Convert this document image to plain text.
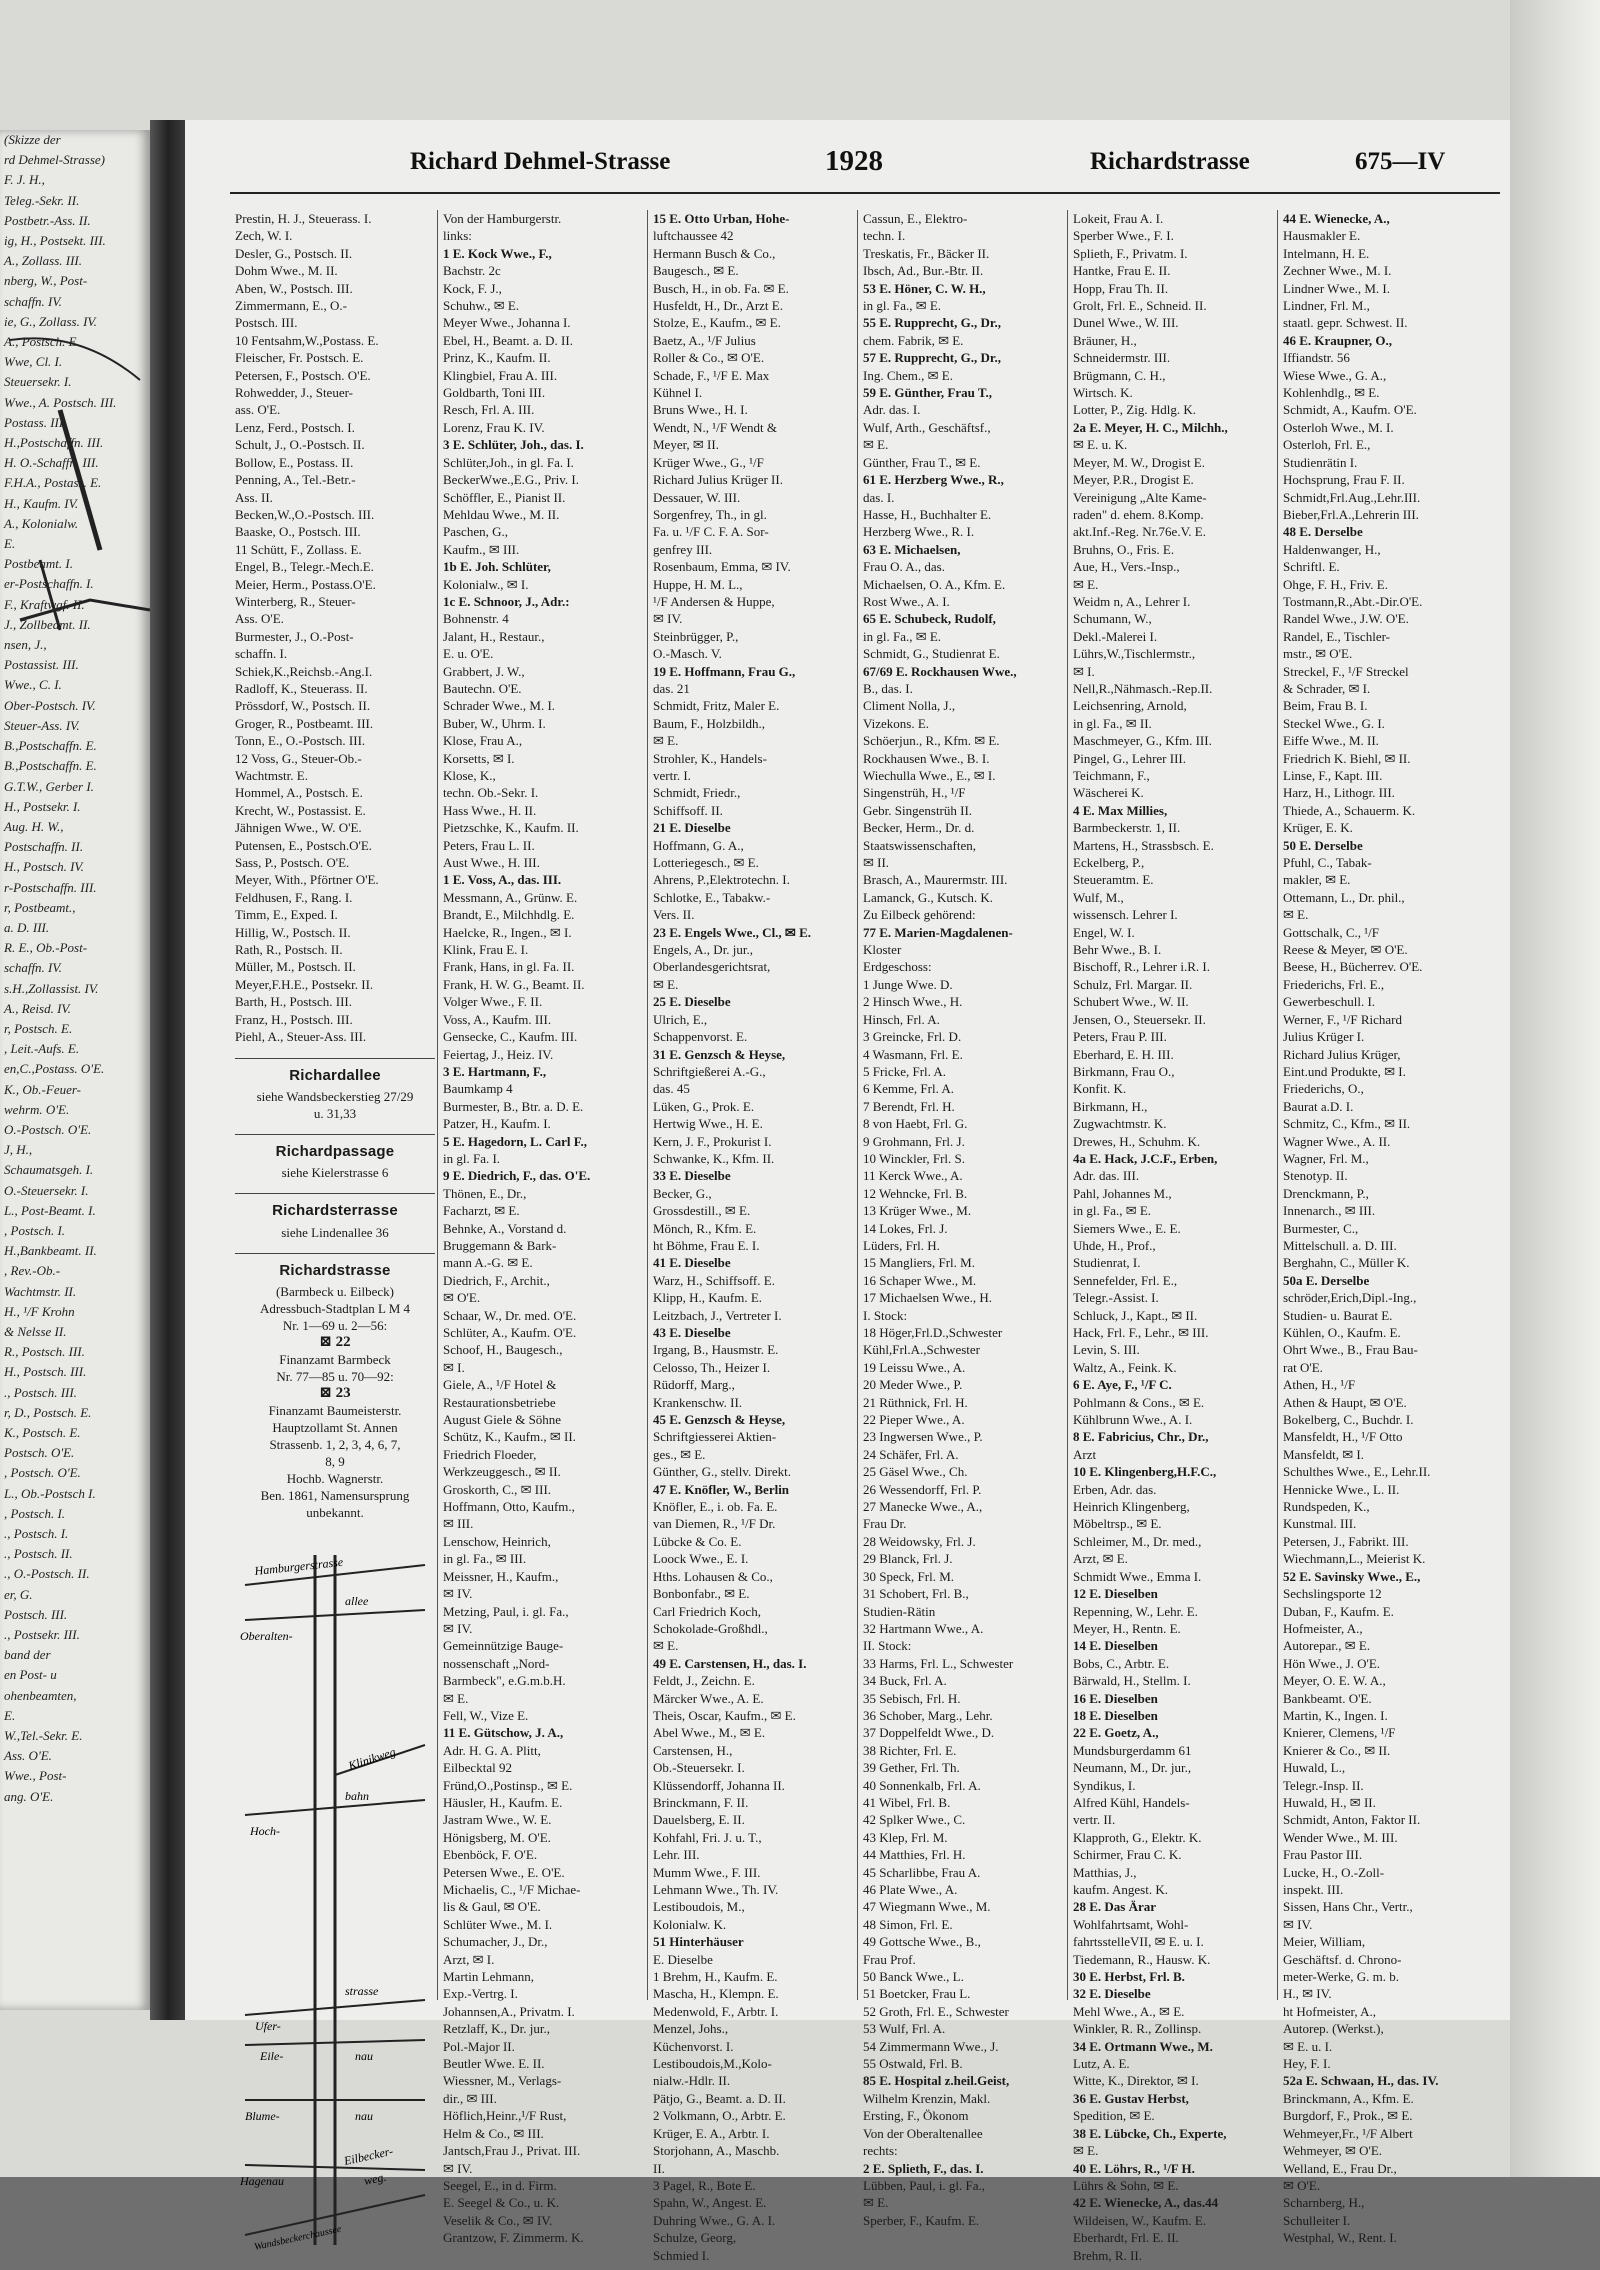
(Skizze der
rd Dehmel-Strasse)
F. J. H.,
Teleg.-Sekr. II.
Postbetr.-Ass. II.
ig, H., Postsekt. III.
A., Zollass. III.
nberg, W., Post-
schaffn. IV.
ie, G., Zollass. IV.
A., Postsch. E.
Wwe, Cl. I.
Steuersekr. I.
Wwe., A. Postsch. III.
Postass. III.
H.,Postschaffn. III.
H. O.-Schaffn. III.
F.H.A., Postass. E.
H., Kaufm. IV.
A., Kolonialw.
E.
Postbeamt. I.
er-Postschaffn. I.
F., Kraftwgf. II.
J., Zollbeamt. II.
nsen, J.,
Postassist. III.
Wwe., C. I.
Ober-Postsch. IV.
Steuer-Ass. IV.
B.,Postschaffn. E.
B.,Postschaffn. E.
G.T.W., Gerber I.
H., Postsekr. I.
Aug. H. W.,
Postschaffn. II.
H., Postsch. IV.
r-Postschaffn. III.
r, Postbeamt.,
a. D. III.
R. E., Ob.-Post-
schaffn. IV.
s.H.,Zollassist. IV.
A., Reisd. IV.
r, Postsch. E.
, Leit.-Aufs. E.
en,C.,Postass. O'E.
K., Ob.-Feuer-
wehrm. O'E.
O.-Postsch. O'E.
J, H.,
Schaumatsgeh. I.
O.-Steuersekr. I.
L., Post-Beamt. I.
, Postsch. I.
H.,Bankbeamt. II.
, Rev.-Ob.-
Wachtmstr. II.
H., ¹/F Krohn
& Nelsse II.
R., Postsch. III.
H., Postsch. III.
., Postsch. III.
r, D., Postsch. E.
K., Postsch. E.
Postsch. O'E.
, Postsch. O'E.
L., Ob.-Postsch I.
, Postsch. I.
., Postsch. I.
., Postsch. II.
., O.-Postsch. II.
er, G.
Postsch. III.
., Postsekr. III.
band der
en Post- u
ohenbeamten,
E.
W.,Tel.-Sekr. E.
Ass. O'E.
Wwe., Post-
ang. O'E.
Richard Dehmel-Strasse	1928	Richardstrasse	675—IV
Prestin, H. J., Steuerass. I.
Zech, W. I.
Desler, G., Postsch. II.
Dohm Wwe., M. II.
Aben, W., Postsch. III.
Zimmermann, E., O.-
Postsch. III.
10 Fentsahm,W.,Postass. E.
Fleischer, Fr. Postsch. E.
Petersen, F., Postsch. O'E.
Rohwedder, J., Steuer-
ass. O'E.
Lenz, Ferd., Postsch. I.
Schult, J., O.-Postsch. II.
Bollow, E., Postass. II.
Penning, A., Tel.-Betr.-
Ass. II.
Becken,W.,O.-Postsch. III.
Baaske, O., Postsch. III.
11 Schütt, F., Zollass. E.
Engel, B., Telegr.-Mech.E.
Meier, Herm., Postass.O'E.
Winterberg, R., Steuer-
Ass. O'E.
Burmester, J., O.-Post-
schaffn. I.
Schiek,K.,Reichsb.-Ang.I.
Radloff, K., Steuerass. II.
Prössdorf, W., Postsch. II.
Groger, R., Postbeamt. III.
Tonn, E., O.-Postsch. III.
12 Voss, G., Steuer-Ob.-
Wachtmstr. E.
Hommel, A., Postsch. E.
Krecht, W., Postassist. E.
Jähnigen Wwe., W. O'E.
Putensen, E., Postsch.O'E.
Sass, P., Postsch. O'E.
Meyer, With., Pförtner O'E.
Feldhusen, F., Rang. I.
Timm, E., Exped. I.
Hillig, W., Postsch. II.
Rath, R., Postsch. II.
Müller, M., Postsch. II.
Meyer,F.H.E., Postsekr. II.
Barth, H., Postsch. III.
Franz, H., Postsch. III.
Piehl, A., Steuer-Ass. III.
Richardallee
siehe Wandsbeckerstieg 27/29
u. 31,33
Richardpassage
siehe Kielerstrasse 6
Richardsterrasse
siehe Lindenallee 36
Richardstrasse
(Barmbeck u. Eilbeck)
Adressbuch-Stadtplan L M 4
Nr. 1—69 u. 2—56:
⊠ 22
Finanzamt Barmbeck
Nr. 77—85 u. 70—92:
⊠ 23
Finanzamt Baumeisterstr.
Hauptzollamt St. Annen
Strassenb. 1, 2, 3, 4, 6, 7,
8, 9
Hochb. Wagnerstr.
Ben. 1861, Namensursprung
unbekannt.
Hamburgerstrasse
Oberalten-
allee
Hoch-
bahn
Klinikweg
Ufer-
strasse
Eile-	nau
Blume-	nau
Hagenau
Eilbecker-
weg.
Wandsbeckerchaussee
Von der Hamburgerstr.
links:
1 E. Kock Wwe., F.,
Bachstr. 2c
Kock, F. J.,
Schuhw., ✉ E.
Meyer Wwe., Johanna I.
Ebel, H., Beamt. a. D. II.
Prinz, K., Kaufm. II.
Klingbiel, Frau A. III.
Goldbarth, Toni III.
Resch, Frl. A. III.
Lorenz, Frau K. IV.
3 E. Schlüter, Joh., das. I.
Schlüter,Joh., in gl. Fa. I.
BeckerWwe.,E.G., Priv. I.
Schöffler, E., Pianist II.
Mehldau Wwe., M. II.
Paschen, G.,
Kaufm., ✉ III.
1b E. Joh. Schlüter,
Kolonialw., ✉ I.
1c E. Schnoor, J., Adr.:
Bohnenstr. 4
Jalant, H., Restaur.,
E. u. O'E.
Grabbert, J. W.,
Bautechn. O'E.
Schrader Wwe., M. I.
Buber, W., Uhrm. I.
Klose, Frau A.,
Korsetts, ✉ I.
Klose, K.,
techn. Ob.-Sekr. I.
Hass Wwe., H. II.
Pietzschke, K., Kaufm. II.
Peters, Frau L. II.
Aust Wwe., H. III.
1 E. Voss, A., das. III.
Messmann, A., Grünw. E.
Brandt, E., Milchhdlg. E.
Haelcke, R., Ingen., ✉ I.
Klink, Frau E. I.
Frank, Hans, in gl. Fa. II.
Frank, H. W. G., Beamt. II.
Volger Wwe., F. II.
Voss, A., Kaufm. III.
Gensecke, C., Kaufm. III.
Feiertag, J., Heiz. IV.
3 E. Hartmann, F.,
Baumkamp 4
Burmester, B., Btr. a. D. E.
Patzer, H., Kaufm. I.
5 E. Hagedorn, L. Carl F.,
in gl. Fa. I.
9 E. Diedrich, F., das. O'E.
Thönen, E., Dr.,
Facharzt, ✉ E.
Behnke, A., Vorstand d.
Bruggemann & Bark-
mann A.-G. ✉ E.
Diedrich, F., Archit.,
✉ O'E.
Schaar, W., Dr. med. O'E.
Schlüter, A., Kaufm. O'E.
Schoof, H., Baugesch.,
✉ I.
Giele, A., ¹/F Hotel &
Restaurationsbetriebe
August Giele & Söhne
Schütz, K., Kaufm., ✉ II.
Friedrich Floeder,
Werkzeuggesch., ✉ II.
Groskorth, C., ✉ III.
Hoffmann, Otto, Kaufm.,
✉ III.
Lenschow, Heinrich,
in gl. Fa., ✉ III.
Meissner, H., Kaufm.,
✉ IV.
Metzing, Paul, i. gl. Fa.,
✉ IV.
Gemeinnützige Bauge-
nossenschaft „Nord-
Barmbeck", e.G.m.b.H.
✉ E.
Fell, W., Vize E.
11 E. Gütschow, J. A.,
Adr. H. G. A. Plitt,
Eilbecktal 92
Fründ,O.,Postinsp., ✉ E.
Häusler, H., Kaufm. E.
Jastram Wwe., W. E.
Hönigsberg, M. O'E.
Ebenböck, F. O'E.
Petersen Wwe., E. O'E.
Michaelis, C., ¹/F Michae-
lis & Gaul, ✉ O'E.
Schlüter Wwe., M. I.
Schumacher, J., Dr.,
Arzt, ✉ I.
Martin Lehmann,
Exp.-Vertrg. I.
Johannsen,A., Privatm. I.
Retzlaff, K., Dr. jur.,
Pol.-Major II.
Beutler Wwe. E. II.
Wiessner, M., Verlags-
dir., ✉ III.
Höflich,Heinr.,¹/F Rust,
Helm & Co., ✉ III.
Jantsch,Frau J., Privat. III.
✉ IV.
Seegel, E., in d. Firm.
E. Seegel & Co., u. K.
Veselik & Co., ✉ IV.
Grantzow, F. Zimmerm. K.
15 E. Otto Urban, Hohe-
luftchaussee 42
Hermann Busch & Co.,
Baugesch., ✉ E.
Busch, H., in ob. Fa. ✉ E.
Husfeldt, H., Dr., Arzt E.
Stolze, E., Kaufm., ✉ E.
Baetz, A., ¹/F Julius
Roller & Co., ✉ O'E.
Schade, F., ¹/F E. Max
Kühnel I.
Bruns Wwe., H. I.
Wendt, N., ¹/F Wendt &
Meyer, ✉ II.
Krüger Wwe., G., ¹/F
Richard Julius Krüger II.
Dessauer, W. III.
Sorgenfrey, Th., in gl.
Fa. u. ¹/F C. F. A. Sor-
genfrey III.
Rosenbaum, Emma, ✉ IV.
Huppe, H. M. L.,
¹/F Andersen & Huppe,
✉ IV.
Steinbrügger, P.,
O.-Masch. V.
19 E. Hoffmann, Frau G.,
das. 21
Schmidt, Fritz, Maler E.
Baum, F., Holzbildh.,
✉ E.
Strohler, K., Handels-
vertr. I.
Schmidt, Friedr.,
Schiffsoff. II.
21 E. Dieselbe
Hoffmann, G. A.,
Lotteriegesch., ✉ E.
Ahrens, P.,Elektrotechn. I.
Schlotke, E., Tabakw.-
Vers. II.
23 E. Engels Wwe., Cl., ✉ E.
Engels, A., Dr. jur.,
Oberlandesgerichtsrat,
✉ E.
25 E. Dieselbe
Ulrich, E.,
Schappenvorst. E.
31 E. Genzsch & Heyse,
Schriftgießerei A.-G.,
das. 45
Lüken, G., Prok. E.
Hertwig Wwe., H. E.
Kern, J. F., Prokurist I.
Schwanke, K., Kfm. II.
33 E. Dieselbe
Becker, G.,
Grossdestill., ✉ E.
Mönch, R., Kfm. E.
ht Böhme, Frau E. I.
41 E. Dieselbe
Warz, H., Schiffsoff. E.
Klipp, H., Kaufm. E.
Leitzbach, J., Vertreter I.
43 E. Dieselbe
Irgang, B., Hausmstr. E.
Celosso, Th., Heizer I.
Rüdorff, Marg.,
Krankenschw. II.
45 E. Genzsch & Heyse,
Schriftgiesserei Aktien-
ges., ✉ E.
Günther, G., stellv. Direkt.
47 E. Knöfler, W., Berlin
Knöfler, E., i. ob. Fa. E.
van Diemen, R., ¹/F Dr.
Lübcke & Co. E.
Loock Wwe., E. I.
Hths. Lohausen & Co.,
Bonbonfabr., ✉ E.
Carl Friedrich Koch,
Schokolade-Großhdl.,
✉ E.
49 E. Carstensen, H., das. I.
Feldt, J., Zeichn. E.
Märcker Wwe., A. E.
Theis, Oscar, Kaufm., ✉ E.
Abel Wwe., M., ✉ E.
Carstensen, H.,
Ob.-Steuersekr. I.
Klüssendorff, Johanna II.
Brinckmann, F. II.
Dauelsberg, E. II.
Kohfahl, Fri. J. u. T.,
Lehr. III.
Mumm Wwe., F. III.
Lehmann Wwe., Th. IV.
Lestiboudois, M.,
Kolonialw. K.
51 Hinterhäuser
E. Dieselbe
1 Brehm, H., Kaufm. E.
Mascha, H., Klempn. E.
Medenwold, F., Arbtr. I.
Menzel, Johs.,
Küchenvorst. I.
Lestiboudois,M.,Kolo-
nialw.-Hdlr. II.
Pätjo, G., Beamt. a. D. II.
2 Volkmann, O., Arbtr. E.
Krüger, E. A., Arbtr. I.
Storjohann, A., Maschb.
II.
3 Pagel, R., Bote E.
Spahn, W., Angest. E.
Duhring Wwe., G. A. I.
Schulze, Georg,
Schmied I.
Cassun, E., Elektro-
techn. I.
Treskatis, Fr., Bäcker II.
Ibsch, Ad., Bur.-Btr. II.
53 E. Höner, C. W. H.,
in gl. Fa., ✉ E.
55 E. Rupprecht, G., Dr.,
chem. Fabrik, ✉ E.
57 E. Rupprecht, G., Dr.,
Ing. Chem., ✉ E.
59 E. Günther, Frau T.,
Adr. das. I.
Wulf, Arth., Geschäftsf.,
✉ E.
Günther, Frau T., ✉ E.
61 E. Herzberg Wwe., R.,
das. I.
Hasse, H., Buchhalter E.
Herzberg Wwe., R. I.
63 E. Michaelsen,
Frau O. A., das.
Michaelsen, O. A., Kfm. E.
Rost Wwe., A. I.
65 E. Schubeck, Rudolf,
in gl. Fa., ✉ E.
Schmidt, G., Studienrat E.
67/69 E. Rockhausen Wwe.,
B., das. I.
Climent Nolla, J.,
Vizekons. E.
Schöerjun., R., Kfm. ✉ E.
Rockhausen Wwe., B. I.
Wiechulla Wwe., E., ✉ I.
Singenstrüh, H., ¹/F
Gebr. Singenstrüh II.
Becker, Herm., Dr. d.
Staatswissenschaften,
✉ II.
Brasch, A., Maurermstr. III.
Lamanck, G., Kutsch. K.
Zu Eilbeck gehörend:
77 E. Marien-Magdalenen-
Kloster
Erdgeschoss:
1 Junge Wwe. D.
2 Hinsch Wwe., H.
Hinsch, Frl. A.
3 Greincke, Frl. D.
4 Wasmann, Frl. E.
5 Fricke, Frl. A.
6 Kemme, Frl. A.
7 Berendt, Frl. H.
8 von Haebt, Frl. G.
9 Grohmann, Frl. J.
10 Winckler, Frl. S.
11 Kerck Wwe., A.
12 Wehncke, Frl. B.
13 Krüger Wwe., M.
14 Lokes, Frl. J.
Lüders, Frl. H.
15 Mangliers, Frl. M.
16 Schaper Wwe., M.
17 Michaelsen Wwe., H.
I. Stock:
18 Höger,Frl.D.,Schwester
Kühl,Frl.A.,Schwester
19 Leissu Wwe., A.
20 Meder Wwe., P.
21 Rüthnick, Frl. H.
22 Pieper Wwe., A.
23 Ingwersen Wwe., P.
24 Schäfer, Frl. A.
25 Gäsel Wwe., Ch.
26 Wessendorff, Frl. P.
27 Manecke Wwe., A.,
Frau Dr.
28 Weidowsky, Frl. J.
29 Blanck, Frl. J.
30 Speck, Frl. M.
31 Schobert, Frl. B.,
Studien-Rätin
32 Hartmann Wwe., A.
II. Stock:
33 Harms, Frl. L., Schwester
34 Buck, Frl. A.
35 Sebisch, Frl. H.
36 Schober, Marg., Lehr.
37 Doppelfeldt Wwe., D.
38 Richter, Frl. E.
39 Gether, Frl. Th.
40 Sonnenkalb, Frl. A.
41 Wibel, Frl. B.
42 Splker Wwe., C.
43 Klep, Frl. M.
44 Matthies, Frl. H.
45 Scharlibbe, Frau A.
46 Plate Wwe., A.
47 Wiegmann Wwe., M.
48 Simon, Frl. E.
49 Gottsche Wwe., B.,
Frau Prof.
50 Banck Wwe., L.
51 Boetcker, Frau L.
52 Groth, Frl. E., Schwester
53 Wulf, Frl. A.
54 Zimmermann Wwe., J.
55 Ostwald, Frl. B.
85 E. Hospital z.heil.Geist,
Wilhelm Krenzin, Makl.
Ersting, F., Ökonom
Von der Oberaltenallee
rechts:
2 E. Splieth, F., das. I.
Lübben, Paul, i. gl. Fa.,
✉ E.
Sperber, F., Kaufm. E.
Lokeit, Frau A. I.
Sperber Wwe., F. I.
Splieth, F., Privatm. I.
Hantke, Frau E. II.
Hopp, Frau Th. II.
Grolt, Frl. E., Schneid. II.
Dunel Wwe., W. III.
Bräuner, H.,
Schneidermstr. III.
Brügmann, C. H.,
Wirtsch. K.
Lotter, P., Zig. Hdlg. K.
2a E. Meyer, H. C., Milchh.,
✉ E. u. K.
Meyer, M. W., Drogist E.
Meyer, P.R., Drogist E.
Vereinigung „Alte Kame-
raden" d. ehem. 8.Komp.
akt.Inf.-Reg. Nr.76e.V. E.
Bruhns, O., Fris. E.
Aue, H., Vers.-Insp.,
✉ E.
Weidm n, A., Lehrer I.
Schumann, W.,
Dekl.-Malerei I.
Lührs,W.,Tischlermstr.,
✉ I.
Nell,R.,Nähmasch.-Rep.II.
Leichsenring, Arnold,
in gl. Fa., ✉ II.
Maschmeyer, G., Kfm. III.
Pingel, G., Lehrer III.
Teichmann, F.,
Wäscherei K.
4 E. Max Millies,
Barmbeckerstr. 1, II.
Martens, H., Strassbsch. E.
Eckelberg, P.,
Steueramtm. E.
Wulf, M.,
wissensch. Lehrer I.
Engel, W. I.
Behr Wwe., B. I.
Bischoff, R., Lehrer i.R. I.
Schulz, Frl. Margar. II.
Schubert Wwe., W. II.
Jensen, O., Steuersekr. II.
Peters, Frau P. III.
Eberhard, E. H. III.
Birkmann, Frau O.,
Konfit. K.
Birkmann, H.,
Zugwachtmstr. K.
Drewes, H., Schuhm. K.
4a E. Hack, J.C.F., Erben,
Adr. das. III.
Pahl, Johannes M.,
in gl. Fa., ✉ E.
Siemers Wwe., E. E.
Uhde, H., Prof.,
Studienrat, I.
Sennefelder, Frl. E.,
Telegr.-Assist. I.
Schluck, J., Kapt., ✉ II.
Hack, Frl. F., Lehr., ✉ III.
Levin, S. III.
Waltz, A., Feink. K.
6 E. Aye, F., ¹/F C.
Pohlmann & Cons., ✉ E.
Kühlbrunn Wwe., A. I.
8 E. Fabricius, Chr., Dr.,
Arzt
10 E. Klingenberg,H.F.C.,
Erben, Adr. das.
Heinrich Klingenberg,
Möbeltrsp., ✉ E.
Schleimer, M., Dr. med.,
Arzt, ✉ E.
Schmidt Wwe., Emma I.
12 E. Dieselben
Repenning, W., Lehr. E.
Meyer, H., Rentn. E.
14 E. Dieselben
Bobs, C., Arbtr. E.
Bärwald, H., Stellm. I.
16 E. Dieselben
18 E. Dieselben
22 E. Goetz, A.,
Mundsburgerdamm 61
Neumann, M., Dr. jur.,
Syndikus, I.
Alfred Kühl, Handels-
vertr. II.
Klapproth, G., Elektr. K.
Schirmer, Frau C. K.
Matthias, J.,
kaufm. Angest. K.
28 E. Das Ärar
Wohlfahrtsamt, Wohl-
fahrtsstelleVII, ✉ E. u. I.
Tiedemann, R., Hausw. K.
30 E. Herbst, Frl. B.
32 E. Dieselbe
Mehl Wwe., A., ✉ E.
Winkler, R. R., Zollinsp.
34 E. Ortmann Wwe., M.
Lutz, A. E.
Witte, K., Direktor, ✉ I.
36 E. Gustav Herbst,
Spedition, ✉ E.
38 E. Lübcke, Ch., Experte,
✉ E.
40 E. Löhrs, R., ¹/F H.
Lührs & Sohn, ✉ E.
42 E. Wienecke, A., das.44
Wildeisen, W., Kaufm. E.
Eberhardt, Frl. E. II.
Brehm, R. II.
44 E. Wienecke, A.,
Hausmakler E.
Intelmann, H. E.
Zechner Wwe., M. I.
Lindner Wwe., M. I.
Lindner, Frl. M.,
staatl. gepr. Schwest. II.
46 E. Kraupner, O.,
Iffiandstr. 56
Wiese Wwe., G. A.,
Kohlenhdlg., ✉ E.
Schmidt, A., Kaufm. O'E.
Osterloh Wwe., M. I.
Osterloh, Frl. E.,
Studienrätin I.
Hochsprung, Frau F. II.
Schmidt,Frl.Aug.,Lehr.III.
Bieber,Frl.A.,Lehrerin III.
48 E. Derselbe
Haldenwanger, H.,
Schriftl. E.
Ohge, F. H., Friv. E.
Tostmann,R.,Abt.-Dir.O'E.
Randel Wwe., J.W. O'E.
Randel, E., Tischler-
mstr., ✉ O'E.
Streckel, F., ¹/F Streckel
& Schrader, ✉ I.
Beim, Frau B. I.
Steckel Wwe., G. I.
Eiffe Wwe., M. II.
Friedrich K. Biehl, ✉ II.
Linse, F., Kapt. III.
Harz, H., Lithogr. III.
Thiede, A., Schauerm. K.
Krüger, E. K.
50 E. Derselbe
Pfuhl, C., Tabak-
makler, ✉ E.
Ottemann, L., Dr. phil.,
✉ E.
Gottschalk, C., ¹/F
Reese & Meyer, ✉ O'E.
Beese, H., Bücherrev. O'E.
Friederichs, Frl. E.,
Gewerbeschull. I.
Werner, F., ¹/F Richard
Julius Krüger I.
Richard Julius Krüger,
Eint.und Produkte, ✉ I.
Friederichs, O.,
Baurat a.D. I.
Schmitz, C., Kfm., ✉ II.
Wagner Wwe., A. II.
Wagner, Frl. M.,
Stenotyp. II.
Drenckmann, P.,
Innenarch., ✉ III.
Burmester, C.,
Mittelschull. a. D. III.
Berghahn, C., Müller K.
50a E. Derselbe
schröder,Erich,Dipl.-Ing.,
Studien- u. Baurat E.
Kühlen, O., Kaufm. E.
Ohrt Wwe., B., Frau Bau-
rat O'E.
Athen, H., ¹/F
Athen & Haupt, ✉ O'E.
Bokelberg, C., Buchdr. I.
Mansfeldt, H., ¹/F Otto
Mansfeldt, ✉ I.
Schulthes Wwe., E., Lehr.II.
Hennicke Wwe., L. II.
Rundspeden, K.,
Kunstmal. III.
Petersen, J., Fabrikt. III.
Wiechmann,L., Meierist K.
52 E. Savinsky Wwe., E.,
Sechslingsporte 12
Duban, F., Kaufm. E.
Hofmeister, A.,
Autorepar., ✉ E.
Hön Wwe., J. O'E.
Meyer, O. E. W. A.,
Bankbeamt. O'E.
Martin, K., Ingen. I.
Knierer, Clemens, ¹/F
Knierer & Co., ✉ II.
Huwald, L.,
Telegr.-Insp. II.
Huwald, H., ✉ II.
Schmidt, Anton, Faktor II.
Wender Wwe., M. III.
Frau Pastor III.
Lucke, H., O.-Zoll-
inspekt. III.
Sissen, Hans Chr., Vertr.,
✉ IV.
Meier, William,
Geschäftsf. d. Chrono-
meter-Werke, G. m. b.
H., ✉ IV.
ht Hofmeister, A.,
Autorep. (Werkst.),
✉ E. u. I.
Hey, F. I.
52a E. Schwaan, H., das. IV.
Brinckmann, A., Kfm. E.
Burgdorf, F., Prok., ✉ E.
Wehmeyer,Fr., ¹/F Albert
Wehmeyer, ✉ O'E.
Welland, E., Frau Dr.,
✉ O'E.
Scharnberg, H.,
Schulleiter I.
Westphal, W., Rent. I.
